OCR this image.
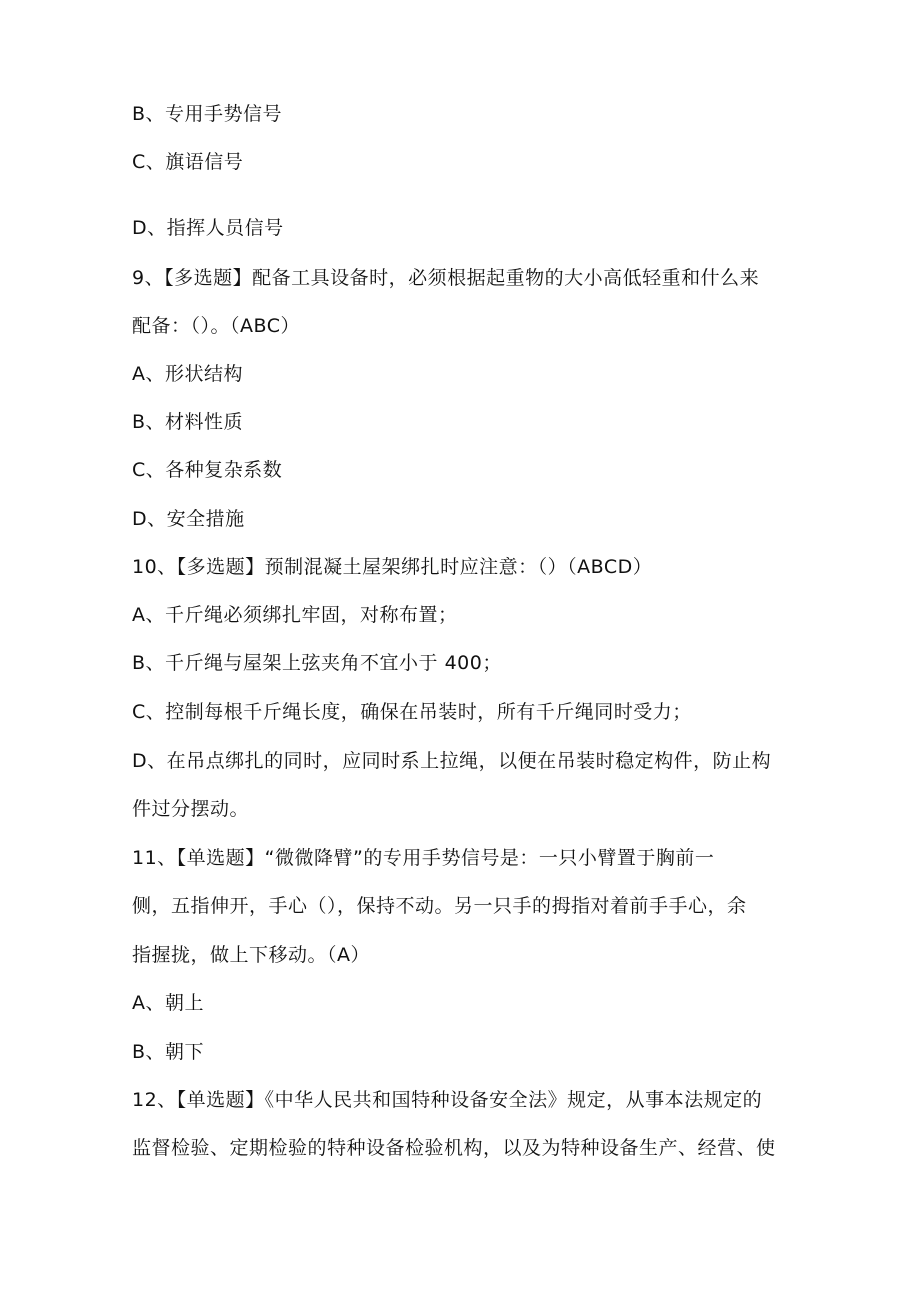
B、专用手势信号
C、旗语信号
D、指挥人员信号
9、【多选题】配备工具设备时，必须根据起重物的大小高低轻重和什么来
配备：（）。（ABC）
A、形状结构
B、材料性质
C、各种复杂系数
D、安全措施
10、【多选题】预制混凝土屋架绑扎时应注意：（）（ABCD）
A、千斤绳必须绑扎牢固，对称布置；
B、千斤绳与屋架上弦夹角不宜小于 400；
C、控制每根千斤绳长度，确保在吊装时，所有千斤绳同时受力；
D、在吊点绑扎的同时，应同时系上拉绳，以便在吊装时稳定构件，防止构
件过分摆动。
11、【单选题】“微微降臂”的专用手势信号是：一只小臂置于胸前一
侧，五指伸开，手心（），保持不动。另一只手的拇指对着前手手心，余
指握拢，做上下移动。（A）
A、朝上
B、朝下
12、【单选题】《中华人民共和国特种设备安全法》规定，从事本法规定的
监督检验、定期检验的特种设备检验机构，以及为特种设备生产、经营、使
